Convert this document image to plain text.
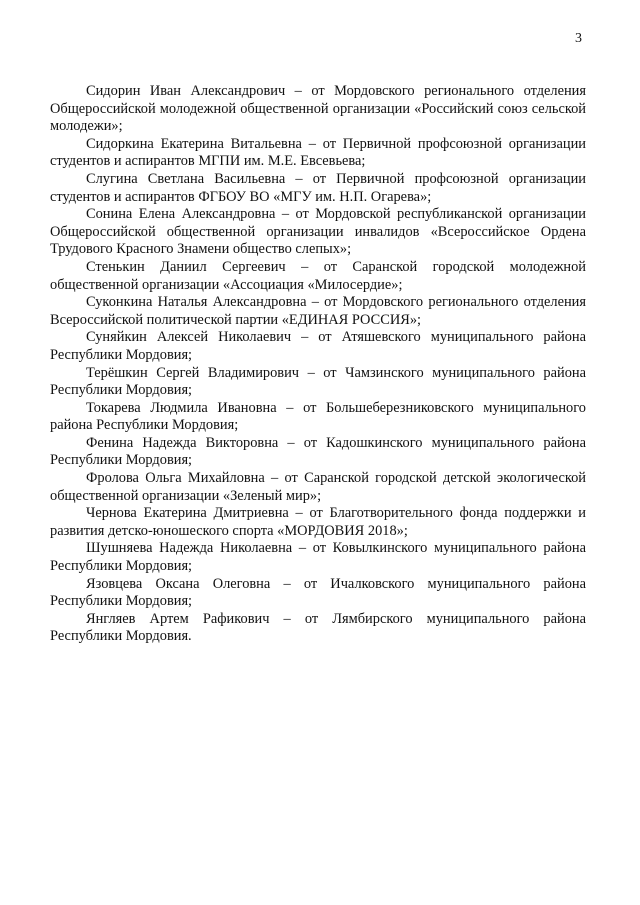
3

Сидорин Иван Александрович – от Мордовского регионального отделения Общероссийской молодежной общественной организации «Российский союз сельской молодежи»;

Сидоркина Екатерина Витальевна – от Первичной профсоюзной организации студентов и аспирантов МГПИ им. М.Е. Евсевьева;

Слугина Светлана Васильевна – от Первичной профсоюзной организации студентов и аспирантов ФГБОУ ВО «МГУ им. Н.П. Огарева»;

Сонина Елена Александровна – от Мордовской республиканской организации Общероссийской общественной организации инвалидов «Всероссийское Ордена Трудового Красного Знамени общество слепых»;

Стенькин Даниил Сергеевич – от Саранской городской молодежной общественной организации «Ассоциация «Милосердие»;

Суконкина Наталья Александровна – от Мордовского регионального отделения Всероссийской политической партии «ЕДИНАЯ РОССИЯ»;

Суняйкин Алексей Николаевич – от Атяшевского муниципального района Республики Мордовия;

Терёшкин Сергей Владимирович – от Чамзинского муниципального района Республики Мордовия;

Токарева Людмила Ивановна – от Большеберезниковского муниципального района Республики Мордовия;

Фенина Надежда Викторовна – от Кадошкинского муниципального района Республики Мордовия;

Фролова Ольга Михайловна – от Саранской городской детской экологической общественной организации «Зеленый мир»;

Чернова Екатерина Дмитриевна – от Благотворительного фонда поддержки и развития детско-юношеского спорта «МОРДОВИЯ 2018»;

Шушняева Надежда Николаевна – от Ковылкинского муниципального района Республики Мордовия;

Язовцева Оксана Олеговна – от Ичалковского муниципального района Республики Мордовия;

Янгляев Артем Рафикович – от Лямбирского муниципального района Республики Мордовия.
